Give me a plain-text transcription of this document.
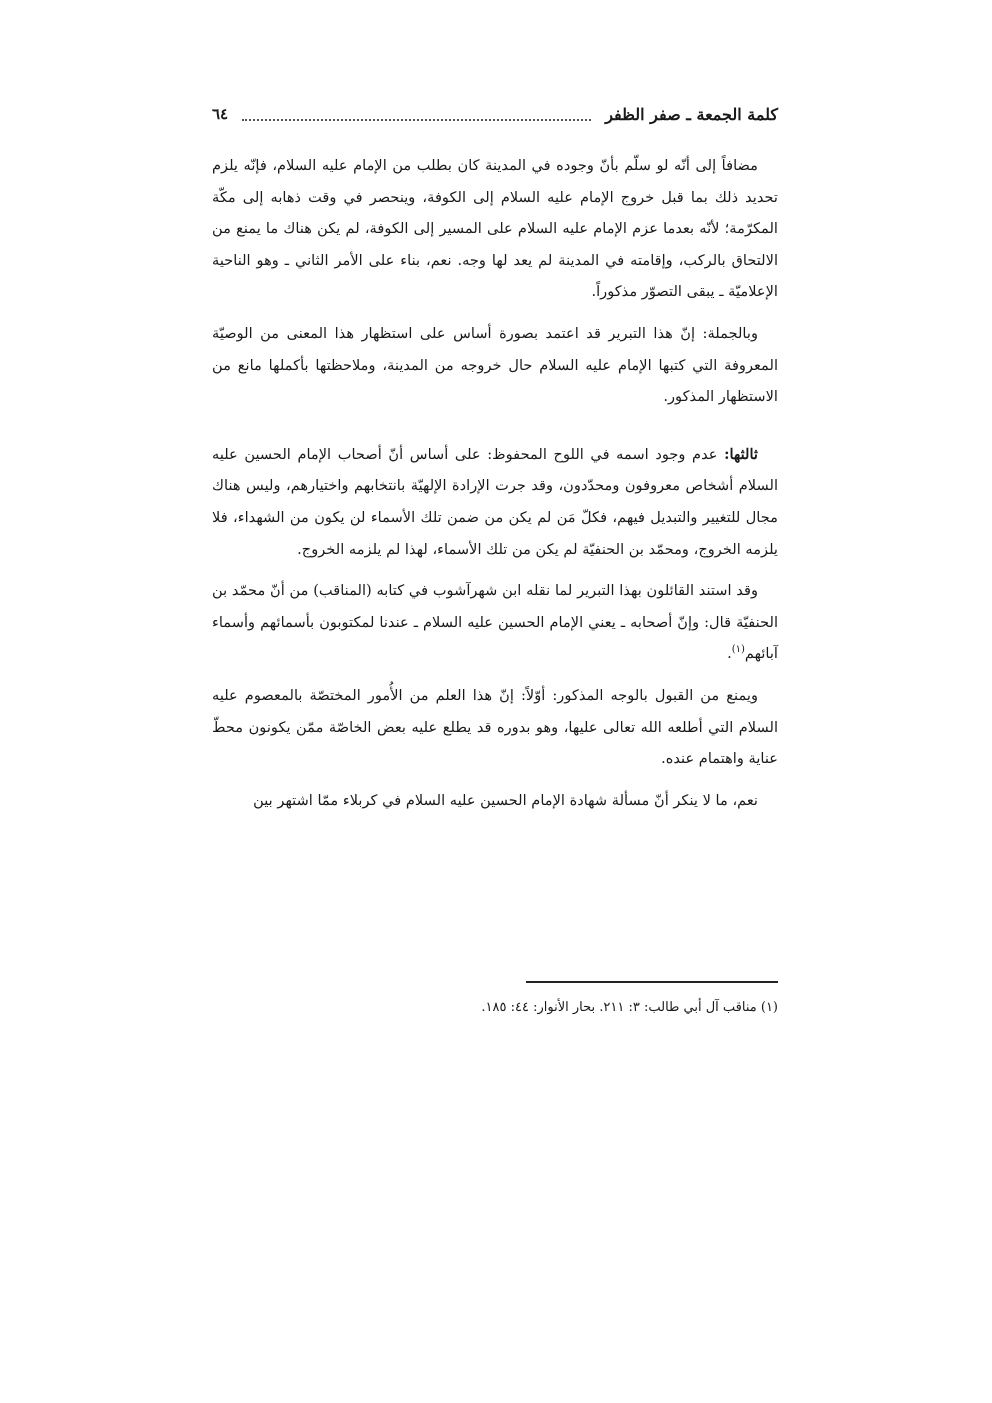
كلمة الجمعة ـ صفر الظفر
٦٤

مضافاً إلى أنّه لو سلّم بأنّ وجوده في المدينة كان بطلب من الإمام عليه السلام، فإنّه يلزم تحديد ذلك بما قبل خروج الإمام عليه السلام إلى الكوفة، وينحصر في وقت ذهابه إلى مكّة المكرّمة؛ لأنّه بعدما عزم الإمام عليه السلام على المسير إلى الكوفة، لم يكن هناك ما يمنع من الالتحاق بالركب، وإقامته في المدينة لم يعد لها وجه. نعم، بناء على الأمر الثاني ـ وهو الناحية الإعلاميّة ـ يبقى التصوّر مذكوراً.

وبالجملة: إنّ هذا التبرير قد اعتمد بصورة أساس على استظهار هذا المعنى من الوصيّة المعروفة التي كتبها الإمام عليه السلام حال خروجه من المدينة، وملاحظتها بأكملها مانع من الاستظهار المذكور.

ثالثها: عدم وجود اسمه في اللوح المحفوظ: على أساس أنّ أصحاب الإمام الحسين عليه السلام أشخاص معروفون ومحدّدون، وقد جرت الإرادة الإلهيّة بانتخابهم واختيارهم، وليس هناك مجال للتغيير والتبديل فيهم، فكلّ مَن لم يكن من ضمن تلك الأسماء لن يكون من الشهداء، فلا يلزمه الخروج، ومحمّد بن الحنفيّة لم يكن من تلك الأسماء، لهذا لم يلزمه الخروج.

وقد استند القائلون بهذا التبرير لما نقله ابن شهرآشوب في كتابه (المناقب) من أنّ محمّد بن الحنفيّة قال: وإنّ أصحابه ـ يعني الإمام الحسين عليه السلام ـ عندنا لمكتوبون بأسمائهم وأسماء آبائهم$^{(١)}$.

ويمنع من القبول بالوجه المذكور: أوّلاً: إنّ هذا العلم من الأُمور المختصّة بالمعصوم عليه السلام التي أطلعه الله تعالى عليها، وهو بدوره قد يطلع عليه بعض الخاصّة ممّن يكونون محطّ عناية واهتمام عنده.

نعم، ما لا ينكر أنّ مسألة شهادة الإمام الحسين عليه السلام في كربلاء ممّا اشتهر بين

(١) مناقب آل أبي طالب: ٣: ٢١١. بحار الأنوار: ٤٤: ١٨٥.
